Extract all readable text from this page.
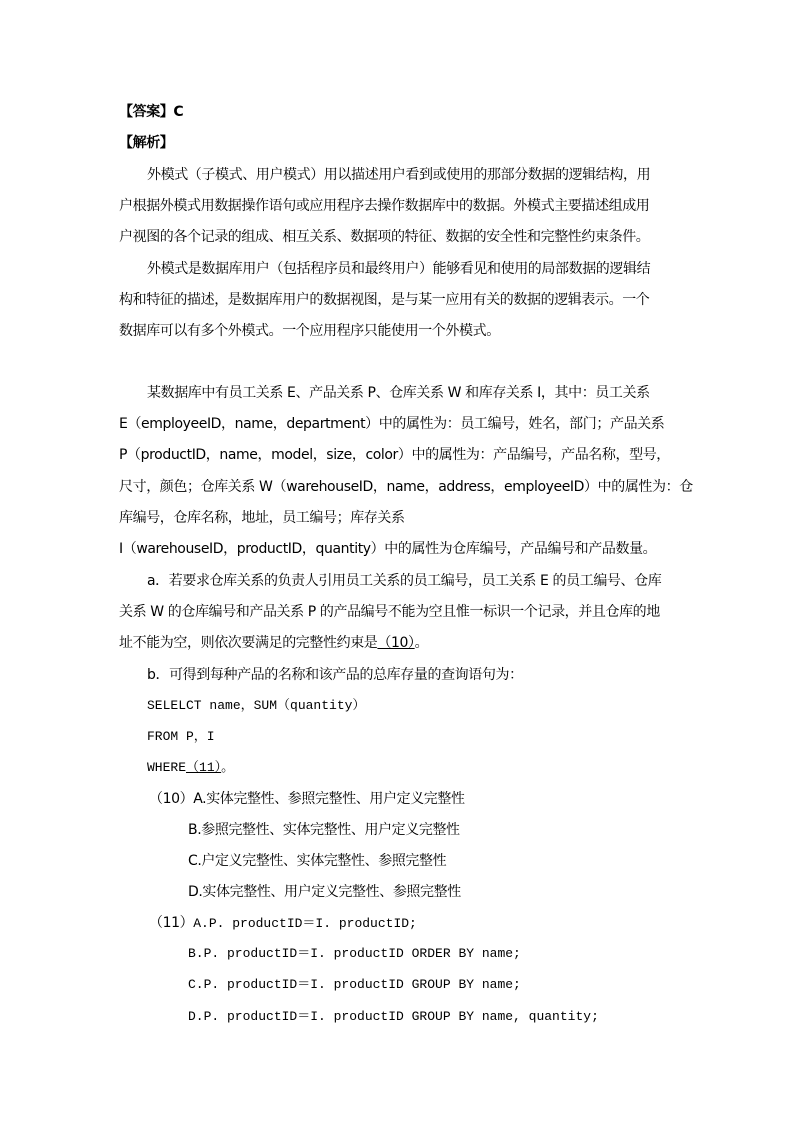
【答案】C
【解析】
外模式（子模式、用户模式）用以描述用户看到或使用的那部分数据的逻辑结构，用
户根据外模式用数据操作语句或应用程序去操作数据库中的数据。外模式主要描述组成用
户视图的各个记录的组成、相互关系、数据项的特征、数据的安全性和完整性约束条件。
外模式是数据库用户（包括程序员和最终用户）能够看见和使用的局部数据的逻辑结
构和特征的描述，是数据库用户的数据视图，是与某一应用有关的数据的逻辑表示。一个
数据库可以有多个外模式。一个应用程序只能使用一个外模式。
某数据库中有员工关系 E、产品关系 P、仓库关系 W 和库存关系 I，其中：员工关系
E（employeeID，name，department）中的属性为：员工编号，姓名，部门；产品关系
P（productID，name，model，size，color）中的属性为：产品编号，产品名称，型号，
尺寸，颜色；仓库关系 W（warehouseID，name，address，employeeID）中的属性为：仓
库编号，仓库名称，地址，员工编号；库存关系
I（warehouseID，productID，quantity）中的属性为仓库编号，产品编号和产品数量。
a．若要求仓库关系的负责人引用员工关系的员工编号，员工关系 E 的员工编号、仓库
关系 W 的仓库编号和产品关系 P 的产品编号不能为空且惟一标识一个记录，并且仓库的地
址不能为空，则依次要满足的完整性约束是（10）。
b．可得到每种产品的名称和该产品的总库存量的查询语句为：
SELELCT name，SUM（quantity）
FROM P，I
WHERE（11）。
（10）A.实体完整性、参照完整性、用户定义完整性
B.参照完整性、实体完整性、用户定义完整性
C.户定义完整性、实体完整性、参照完整性
D.实体完整性、用户定义完整性、参照完整性
（11）A.P. productID＝I. productID;
B.P. productID＝I. productID ORDER BY name;
C.P. productID＝I. productID GROUP BY name;
D.P. productID＝I. productID GROUP BY name, quantity;
